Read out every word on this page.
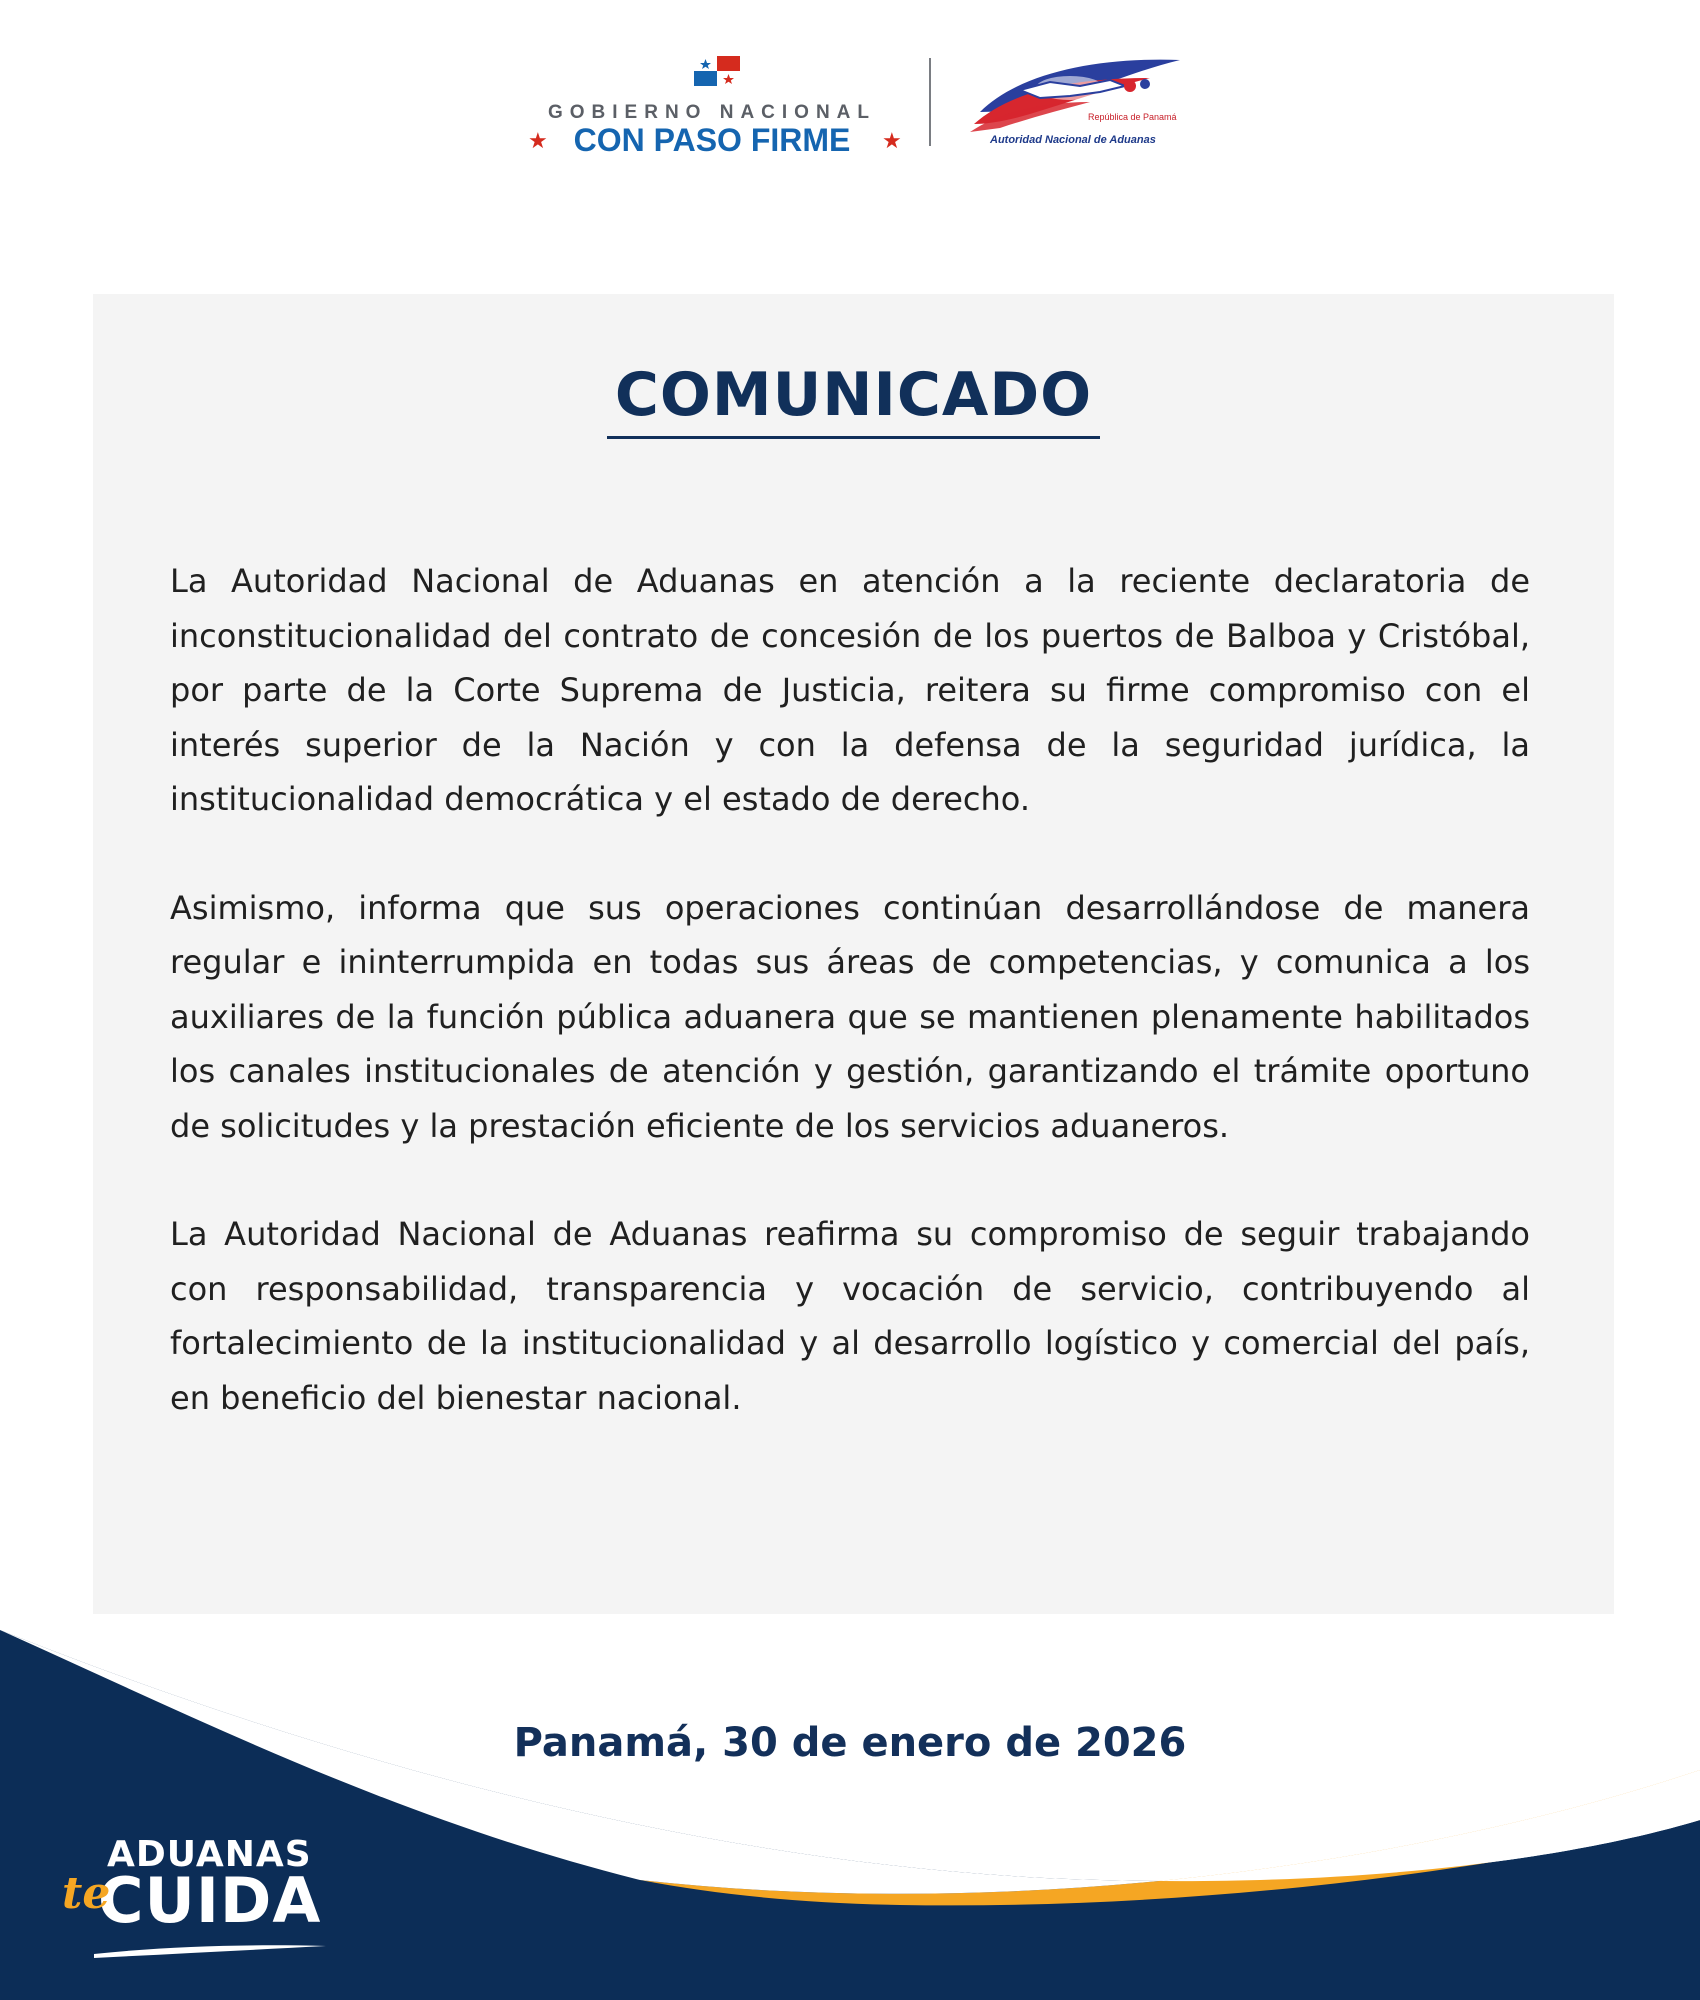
GOBIERNO NACIONAL
★ CON PASO FIRME	★
República de Panamá
Autoridad Nacional de Aduanas
COMUNICADO

La Autoridad Nacional de Aduanas en atención a la reciente declaratoria de inconstitucionalidad del contrato de concesión de los puertos de Balboa y Cristóbal, por parte de la Corte Suprema de Justicia, reitera su firme compromiso con el interés superior de la Nación y con la defensa de la seguridad jurídica, la institucionalidad democrática y el estado de derecho.

Asimismo, informa que sus operaciones continúan desarrollándose de manera regular e ininterrumpida en todas sus áreas de competencias, y comunica a los auxiliares de la función pública aduanera que se mantienen plenamente habilitados los canales institucionales de atención y gestión, garantizando el trámite oportuno de solicitudes y la prestación eficiente de los servicios aduaneros.

La Autoridad Nacional de Aduanas reafirma su compromiso de seguir trabajando con responsabilidad, transparencia y vocación de servicio, contribuyendo al fortalecimiento de la institucionalidad y al desarrollo logístico y comercial del país, en beneficio del bienestar nacional.

Panamá, 30 de enero de 2026
ADUANAS
CUIDA
te
